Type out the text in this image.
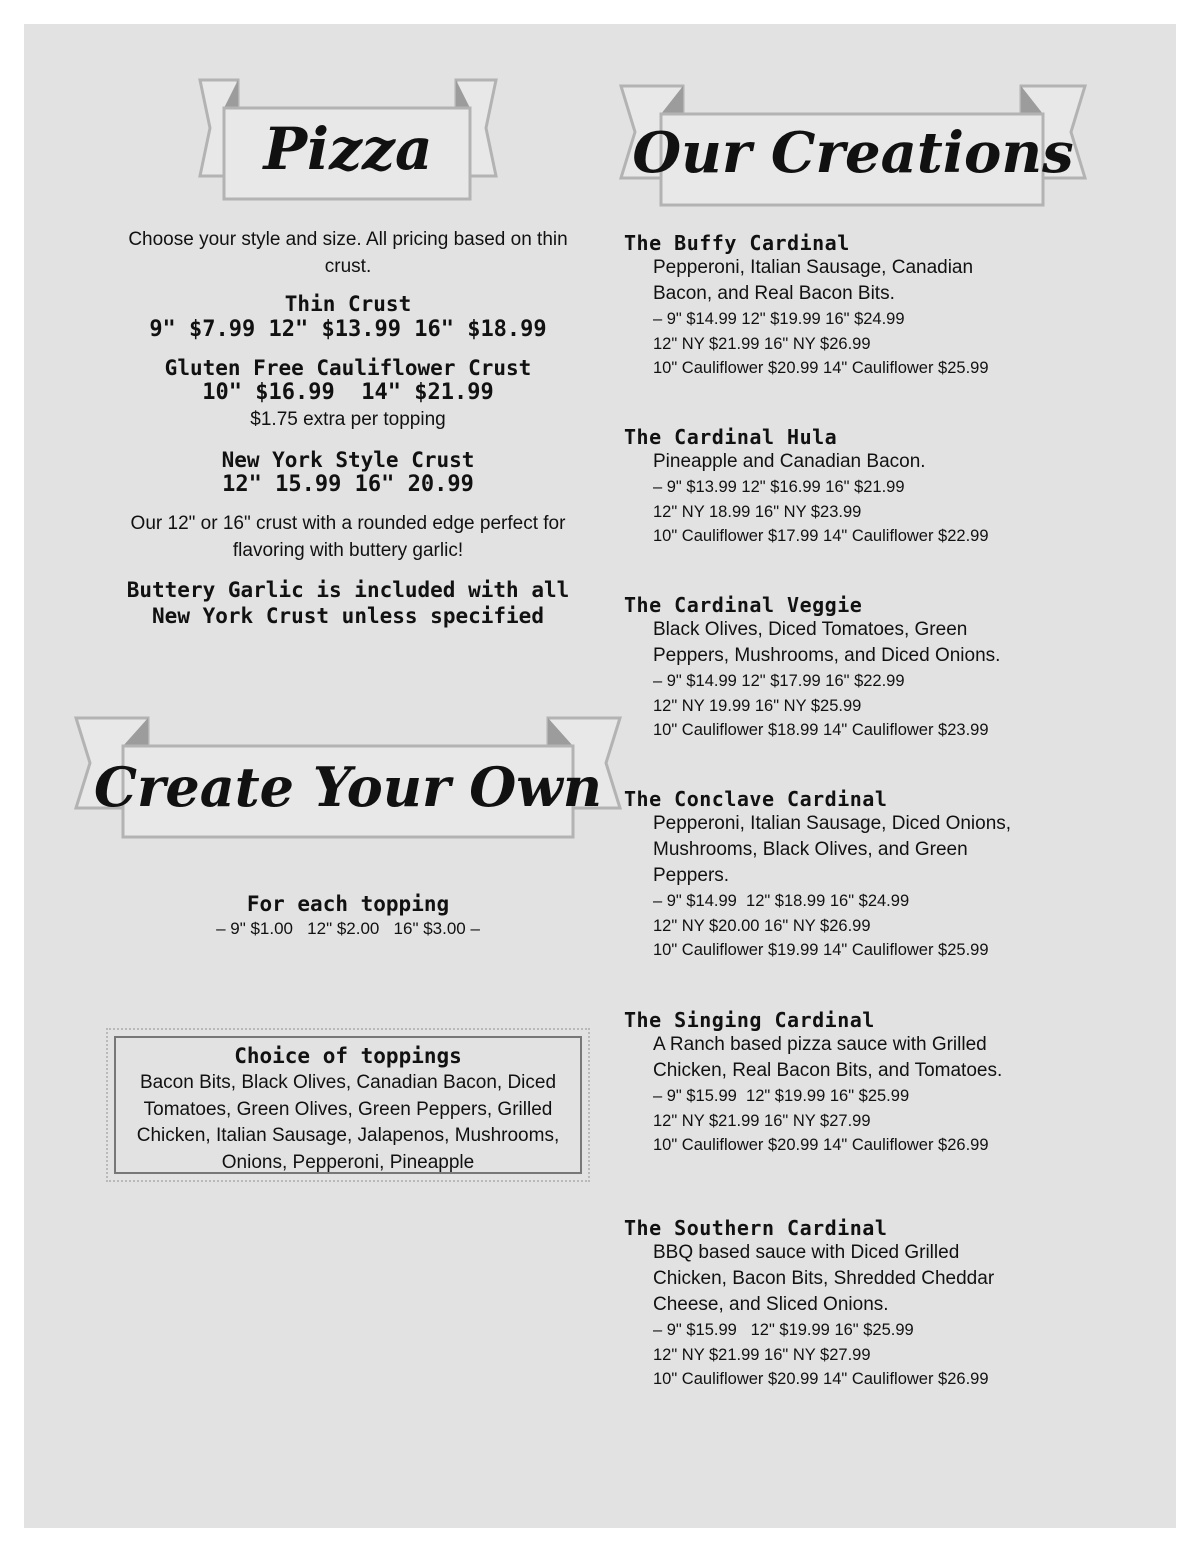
Pizza	Our Creations
Choose your style and size. All pricing based on thin crust.
Thin Crust
9" $7.99 12" $13.99 16" $18.99
Gluten Free Cauliflower Crust
10" $16.99  14" $21.99
$1.75 extra per topping
New York Style Crust
12" 15.99 16" 20.99
Our 12" or 16" crust with a rounded edge perfect for flavoring with buttery garlic!
Buttery Garlic is included with all New York Crust unless specified
Create Your Own
For each topping
– 9" $1.00   12" $2.00   16" $3.00 –
Choice of toppings
Bacon Bits, Black Olives, Canadian Bacon, Diced Tomatoes, Green Olives, Green Peppers, Grilled Chicken, Italian Sausage, Jalapenos, Mushrooms, Onions, Pepperoni, Pineapple
The Buffy Cardinal
Pepperoni, Italian Sausage, Canadian Bacon, and Real Bacon Bits.
– 9" $14.99 12" $19.99 16" $24.99
12" NY $21.99 16" NY $26.99
10" Cauliflower $20.99 14" Cauliflower $25.99
The Cardinal Hula
Pineapple and Canadian Bacon.
– 9" $13.99 12" $16.99 16" $21.99
12" NY 18.99 16" NY $23.99
10" Cauliflower $17.99 14" Cauliflower $22.99
The Cardinal Veggie
Black Olives, Diced Tomatoes, Green Peppers, Mushrooms, and Diced Onions.
– 9" $14.99 12" $17.99 16" $22.99
12" NY 19.99 16" NY $25.99
10" Cauliflower $18.99 14" Cauliflower $23.99
The Conclave Cardinal
Pepperoni, Italian Sausage, Diced Onions, Mushrooms, Black Olives, and Green Peppers.
– 9" $14.99  12" $18.99 16" $24.99
12" NY $20.00 16" NY $26.99
10" Cauliflower $19.99 14" Cauliflower $25.99
The Singing Cardinal
A Ranch based pizza sauce with Grilled Chicken, Real Bacon Bits, and Tomatoes.
– 9" $15.99  12" $19.99 16" $25.99
12" NY $21.99 16" NY $27.99
10" Cauliflower $20.99 14" Cauliflower $26.99
The Southern Cardinal
BBQ based sauce with Diced Grilled Chicken, Bacon Bits, Shredded Cheddar Cheese, and Sliced Onions.
– 9" $15.99   12" $19.99 16" $25.99
12" NY $21.99 16" NY $27.99
10" Cauliflower $20.99 14" Cauliflower $26.99
